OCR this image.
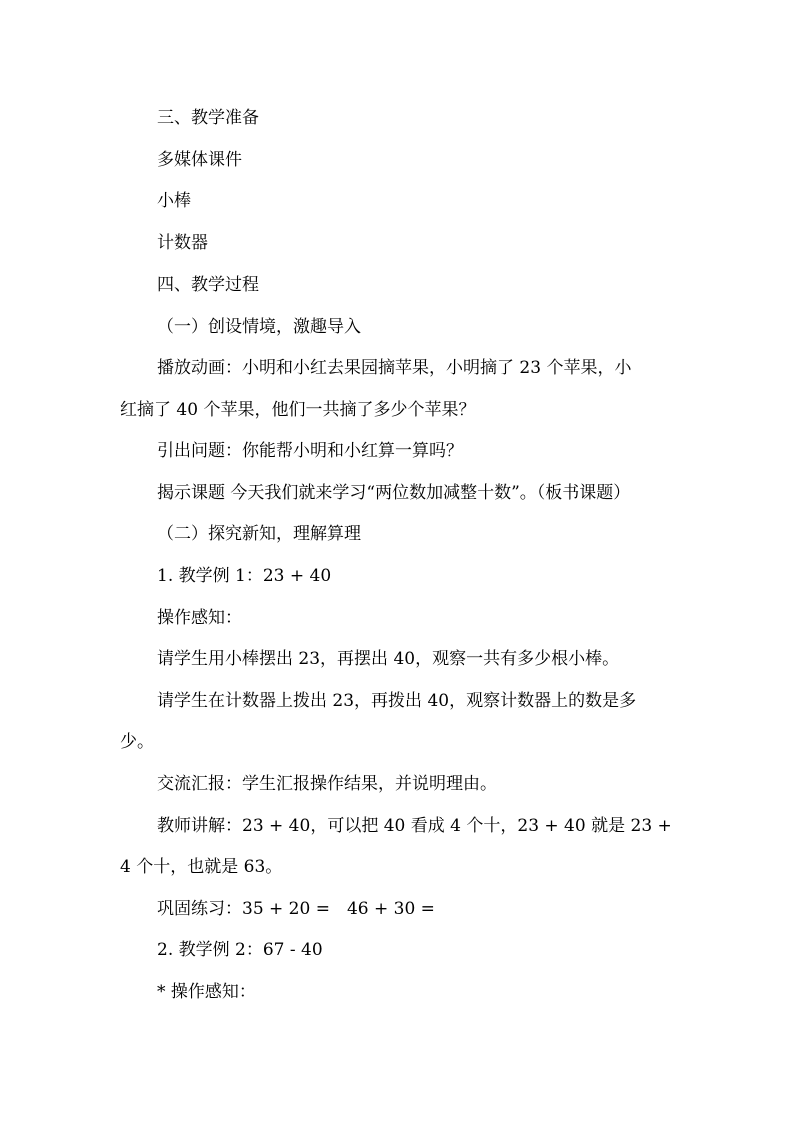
三、教学准备

多媒体课件

小棒

计数器

四、教学过程

（一）创设情境，激趣导入

播放动画：小明和小红去果园摘苹果，小明摘了 23 个苹果，小

红摘了 40 个苹果，他们一共摘了多少个苹果？

引出问题：你能帮小明和小红算一算吗？

揭示课题 今天我们就来学习“两位数加减整十数”。（板书课题）

（二）探究新知，理解算理

1. 教学例 1：23 + 40

操作感知：

请学生用小棒摆出 23，再摆出 40，观察一共有多少根小棒。

请学生在计数器上拨出 23，再拨出 40，观察计数器上的数是多

少。

交流汇报：学生汇报操作结果，并说明理由。

教师讲解：23 + 40，可以把 40 看成 4 个十，23 + 40 就是 23 +

4 个十，也就是 63。

巩固练习：35 + 20 =　46 + 30 =

2. 教学例 2：67 - 40

* 操作感知：
